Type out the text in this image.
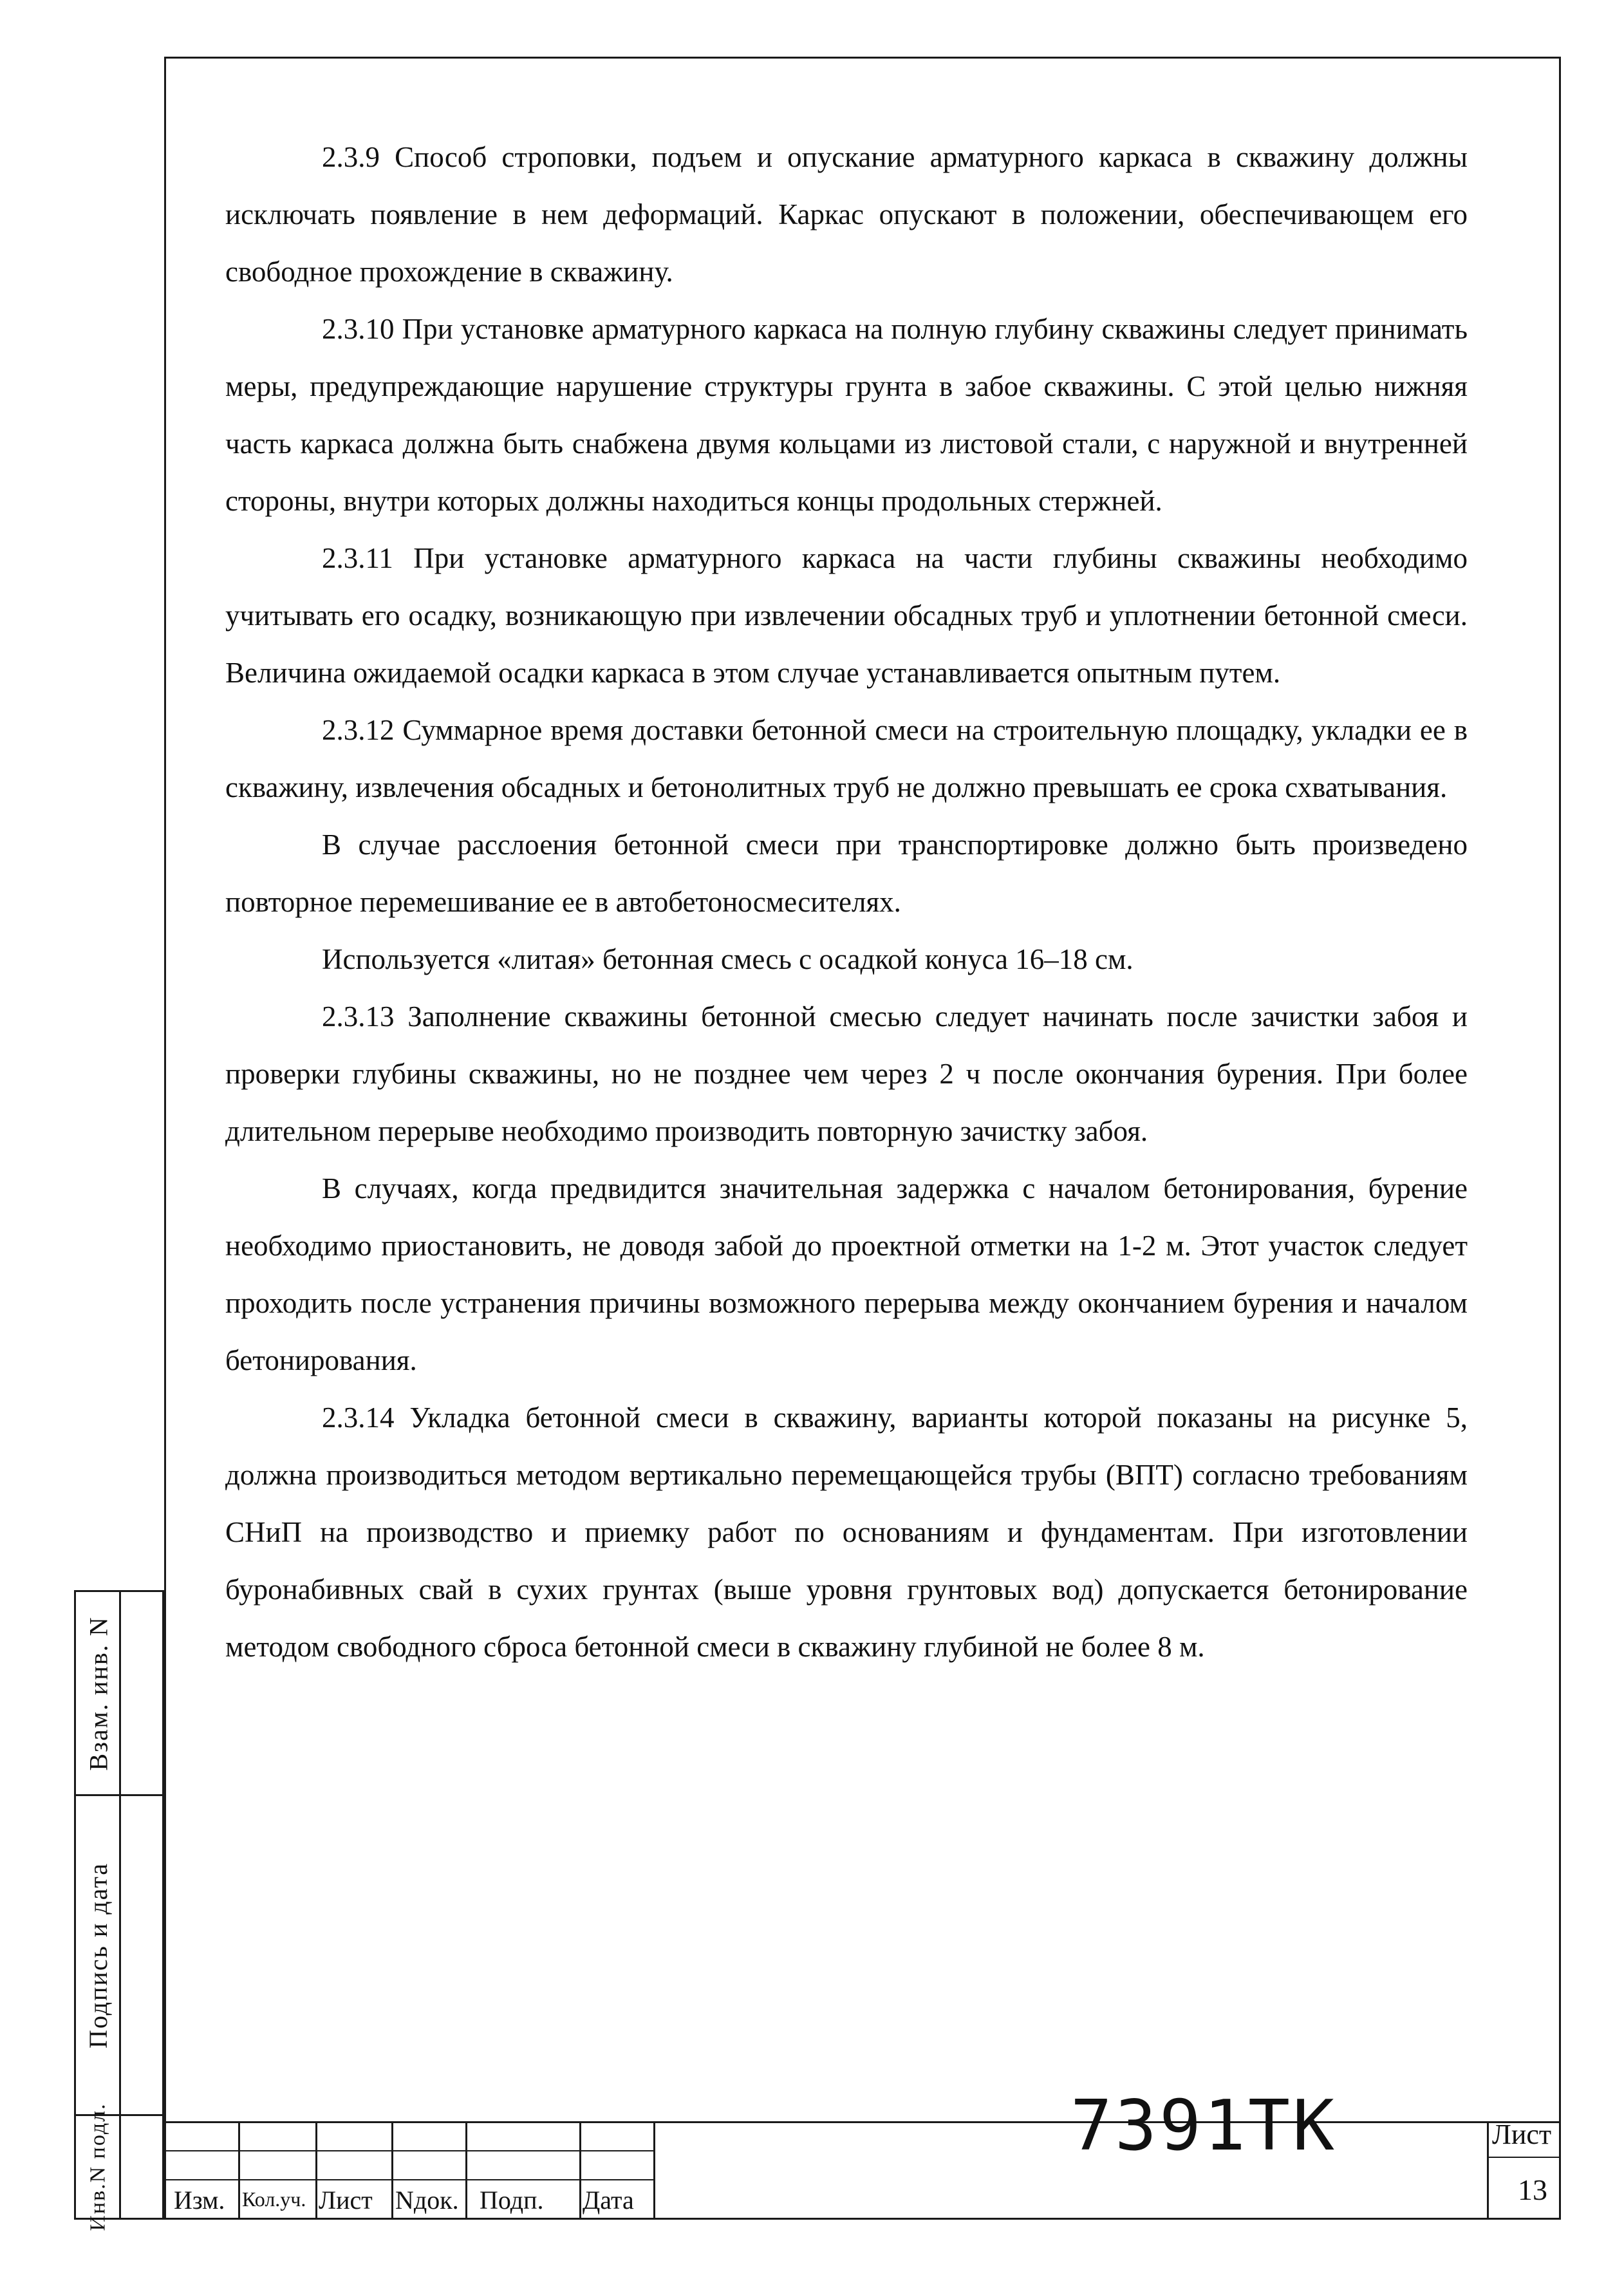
2.3.9 Способ строповки, подъем и опускание арматурного каркаса в скважину должны исключать появление в нем деформаций. Каркас опускают в положении, обеспечивающем его свободное прохождение в скважину.

2.3.10 При установке арматурного каркаса на полную глубину скважины следует принимать меры, предупреждающие нарушение структуры грунта в забое скважины. С этой целью нижняя часть каркаса должна быть снабжена двумя кольцами из листовой стали, с наружной и внутренней стороны, внутри которых должны находиться концы продольных стержней.

2.3.11 При установке арматурного каркаса на части глубины скважины необходимо учитывать его осадку, возникающую при извлечении обсадных труб и уплотнении бетонной смеси. Величина ожидаемой осадки каркаса в этом случае устанавливается опытным путем.

2.3.12 Суммарное время доставки бетонной смеси на строительную площадку, укладки ее в скважину, извлечения обсадных и бетонолитных труб не должно превышать ее срока схватывания.

В случае расслоения бетонной смеси при транспортировке должно быть произведено повторное перемешивание ее в автобетоносмесителях.

Используется «литая» бетонная смесь с осадкой конуса 16–18 см.

2.3.13 Заполнение скважины бетонной смесью следует начинать после зачистки забоя и проверки глубины скважины, но не позднее чем через 2 ч после окончания бурения. При более длительном перерыве необходимо производить повторную зачистку забоя.

В случаях, когда предвидится значительная задержка с началом бетонирования, бурение необходимо приостановить, не доводя забой до проектной отметки на 1-2 м. Этот участок следует проходить после устранения причины возможного перерыва между окончанием бурения и началом бетонирования.

2.3.14 Укладка бетонной смеси в скважину, варианты которой показаны на рисунке 5, должна производиться методом вертикально перемещающейся трубы (ВПТ) согласно требованиям СНиП на производство и приемку работ по основаниям и фундаментам. При изготовлении буронабивных свай в сухих грунтах (выше уровня грунтовых вод) допускается бетонирование методом свободного сброса бетонной смеси в скважину глубиной не более 8 м.

Взам. инв. N
Подпись и дата
Инв.N подл. Изм. Кол.уч. Лист Nдок. Подп. Дата
7391ТК	Лист
13
